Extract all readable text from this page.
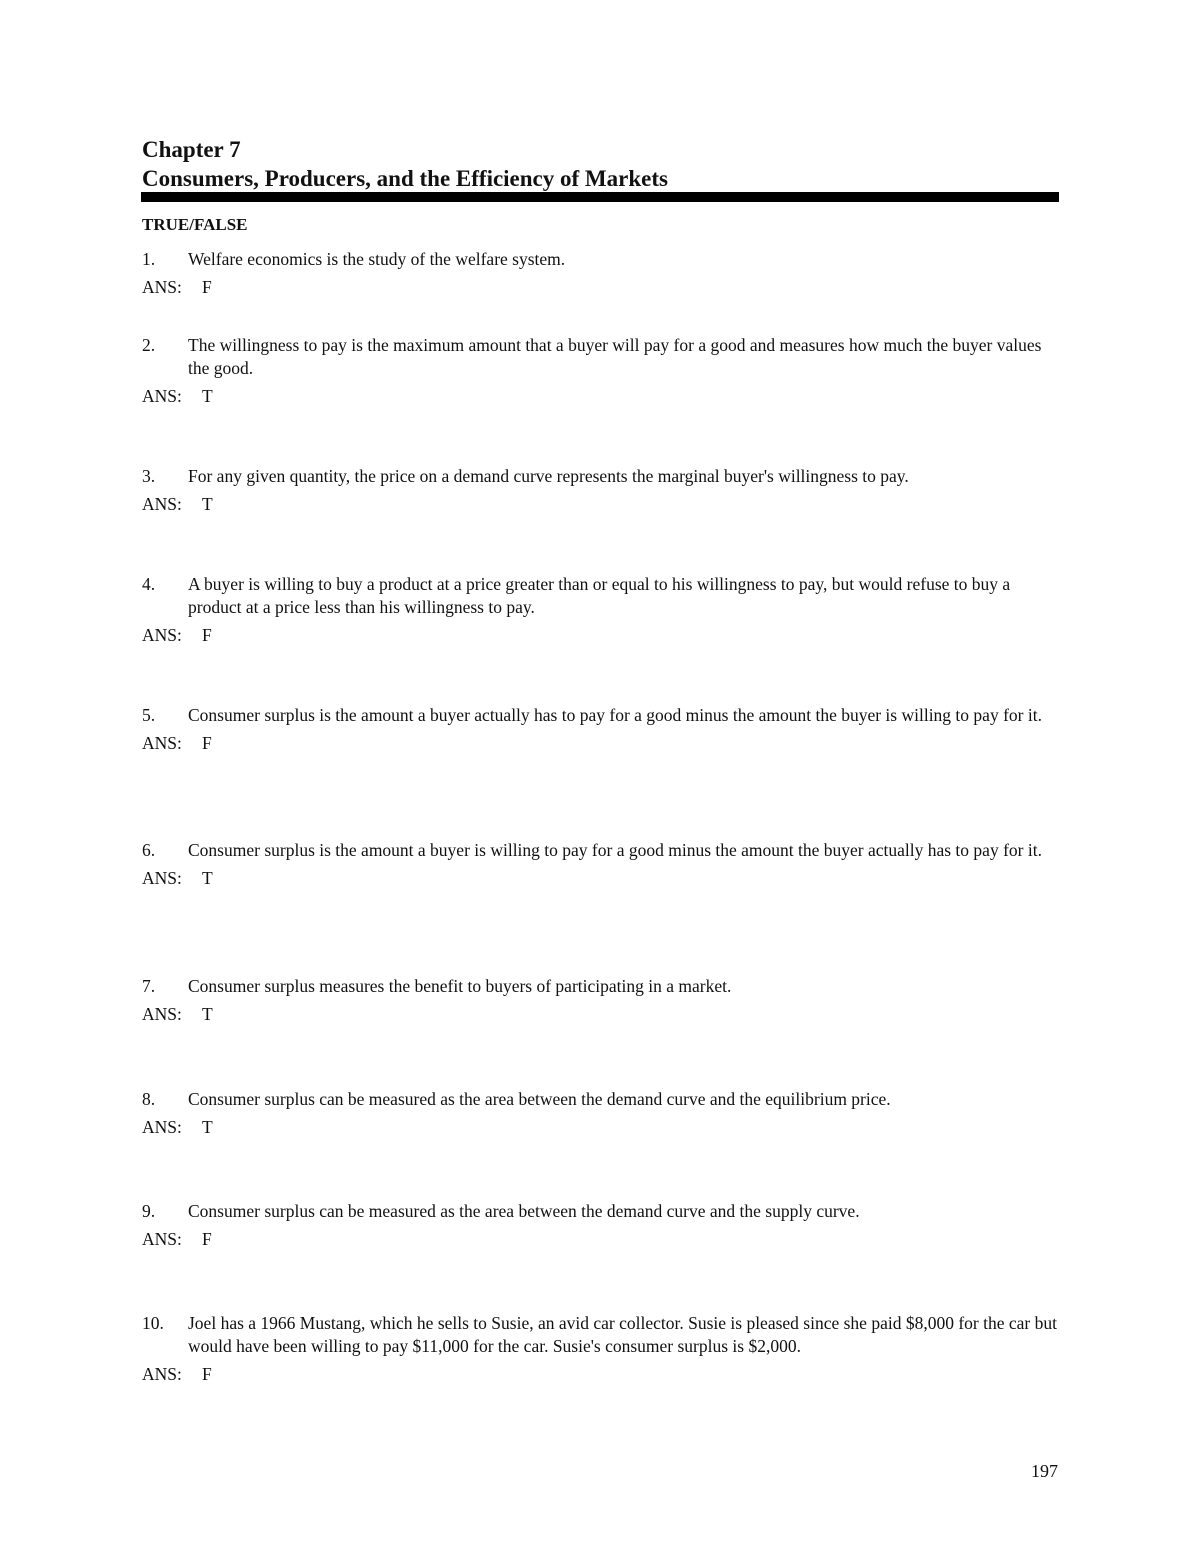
Chapter 7
Consumers, Producers, and the Efficiency of Markets
TRUE/FALSE
1. Welfare economics is the study of the welfare system.
ANS: F
2. The willingness to pay is the maximum amount that a buyer will pay for a good and measures how much the buyer values the good.
ANS: T
3. For any given quantity, the price on a demand curve represents the marginal buyer's willingness to pay.
ANS: T
4. A buyer is willing to buy a product at a price greater than or equal to his willingness to pay, but would refuse to buy a product at a price less than his willingness to pay.
ANS: F
5. Consumer surplus is the amount a buyer actually has to pay for a good minus the amount the buyer is willing to pay for it.
ANS: F
6. Consumer surplus is the amount a buyer is willing to pay for a good minus the amount the buyer actually has to pay for it.
ANS: T
7. Consumer surplus measures the benefit to buyers of participating in a market.
ANS: T
8. Consumer surplus can be measured as the area between the demand curve and the equilibrium price.
ANS: T
9. Consumer surplus can be measured as the area between the demand curve and the supply curve.
ANS: F
10. Joel has a 1966 Mustang, which he sells to Susie, an avid car collector. Susie is pleased since she paid $8,000 for the car but would have been willing to pay $11,000 for the car. Susie's consumer surplus is $2,000.
ANS: F
197
